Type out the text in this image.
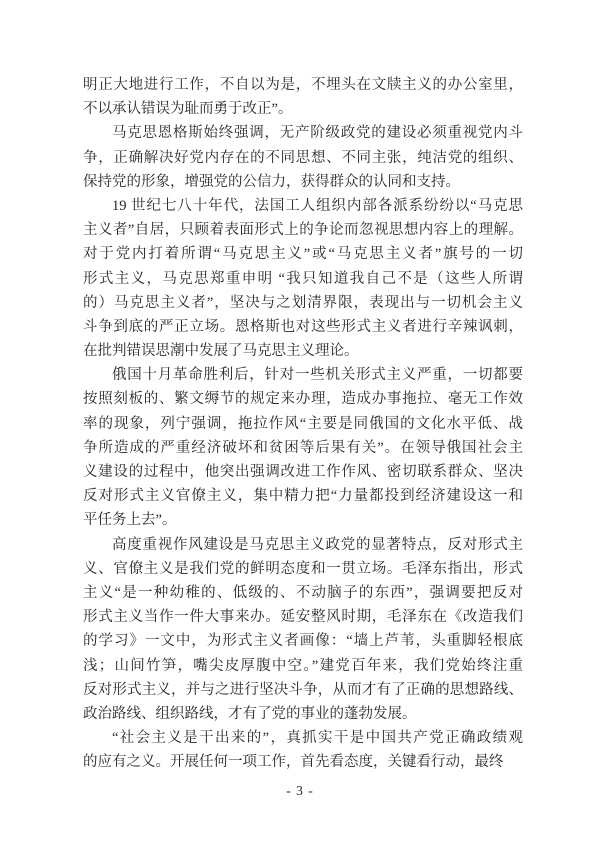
明正大地进行工作，不自以为是，不埋头在文牍主义的办公室里，
不以承认错误为耻而勇于改正”。
马克思恩格斯始终强调，无产阶级政党的建设必须重视党内斗
争，正确解决好党内存在的不同思想、不同主张，纯洁党的组织、
保持党的形象，增强党的公信力，获得群众的认同和支持。
19 世纪七八十年代，法国工人组织内部各派系纷纷以“马克思
主义者”自居，只顾着表面形式上的争论而忽视思想内容上的理解。
对于党内打着所谓“马克思主义”或“马克思主义者”旗号的一切
形式主义，马克思郑重申明 “我只知道我自己不是（这些人所谓
的）马克思主义者”，坚决与之划清界限，表现出与一切机会主义
斗争到底的严正立场。恩格斯也对这些形式主义者进行辛辣讽刺，
在批判错误思潮中发展了马克思主义理论。
俄国十月革命胜利后，针对一些机关形式主义严重，一切都要
按照刻板的、繁文缛节的规定来办理，造成办事拖拉、毫无工作效
率的现象，列宁强调，拖拉作风“主要是同俄国的文化水平低、战
争所造成的严重经济破坏和贫困等后果有关”。在领导俄国社会主
义建设的过程中，他突出强调改进工作作风、密切联系群众、坚决
反对形式主义官僚主义，集中精力把“力量都投到经济建设这一和
平任务上去”。
高度重视作风建设是马克思主义政党的显著特点，反对形式主
义、官僚主义是我们党的鲜明态度和一贯立场。毛泽东指出，形式
主义“是一种幼稚的、低级的、不动脑子的东西”，强调要把反对
形式主义当作一件大事来办。延安整风时期，毛泽东在《改造我们
的学习》一文中，为形式主义者画像：“墙上芦苇，头重脚轻根底
浅；山间竹笋，嘴尖皮厚腹中空。”建党百年来，我们党始终注重
反对形式主义，并与之进行坚决斗争，从而才有了正确的思想路线、
政治路线、组织路线，才有了党的事业的蓬勃发展。
“社会主义是干出来的”，真抓实干是中国共产党正确政绩观
的应有之义。开展任何一项工作，首先看态度，关键看行动，最终
- 3 -
